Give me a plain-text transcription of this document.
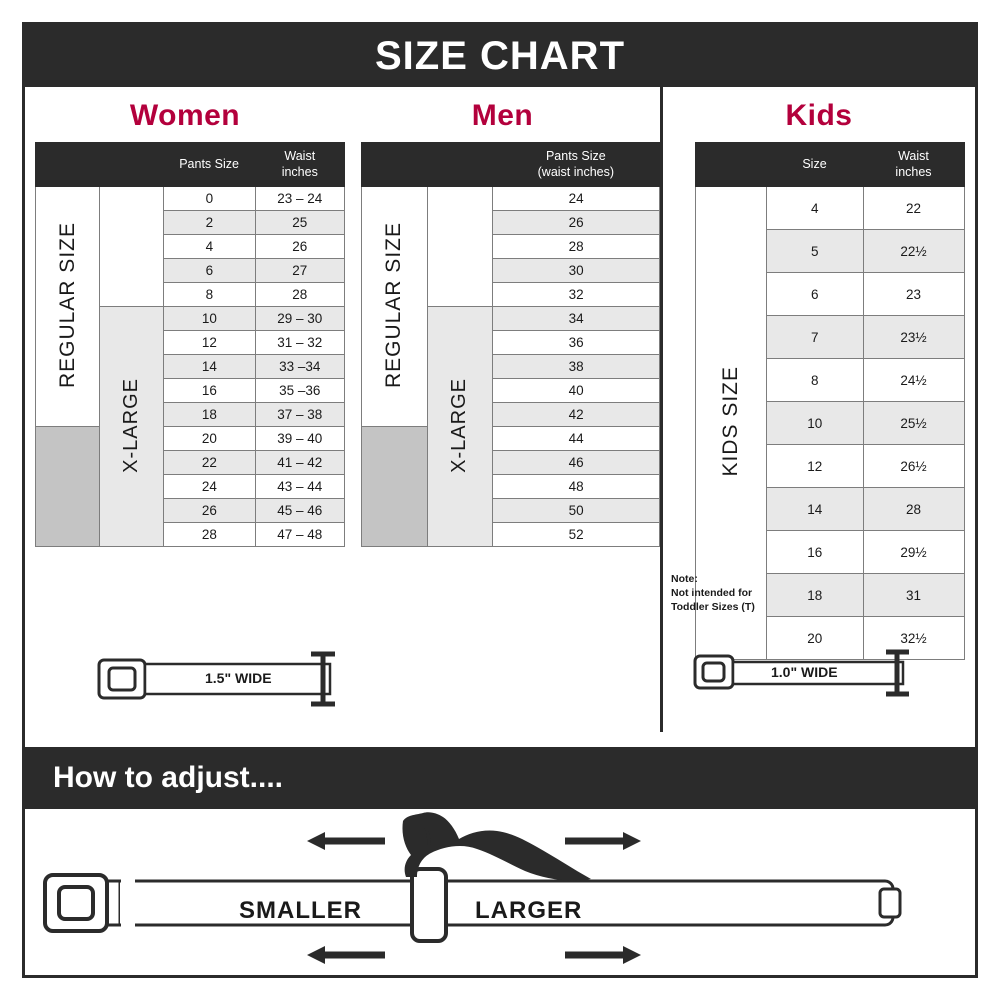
SIZE CHART
Women
		Pants Size	Waist
inches
REGULAR SIZE		0	23 – 24
		2	25
		4	26
		6	27
		8	28
	X-LARGE	10	29 – 30
		12	31 – 32
		14	33 –34
		16	35 –36
		18	37 – 38
		20	39 – 40
		22	41 – 42
		24	43 – 44
		26	45 – 46
		28	47 – 48
1.5" WIDE
Men
		Pants Size
(waist inches)
REGULAR SIZE		24
		26
		28
		30
		32
	X-LARGE	34
		36
		38
		40
		42
		44
		46
		48
		50
		52
Kids
	Size	Waist
inches
KIDS SIZE	4	22
	5	22½
	6	23
	7	23½
	8	24½
	10	25½
	12	26½
	14	28
	16	29½
	18	31
	20	32½
Note:
Not intended for
Toddler Sizes (T)
1.0" WIDE
How to adjust....
SMALLER	LARGER
